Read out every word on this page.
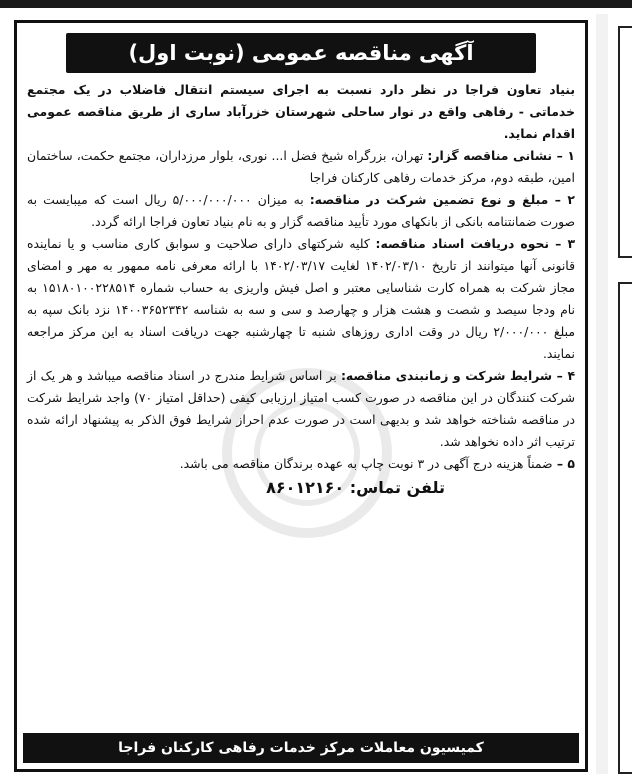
آگهی مناقصه عمومی (نوبت اول)

بنیاد تعاون فراجا در نظر دارد نسبت به اجرای سیستم انتقال فاضلاب در یک مجتمع خدماتی - رفاهی واقع در نوار ساحلی شهرستان خزرآباد ساری از طریق مناقصه عمومی اقدام نماید.

۱ – نشانی مناقصه گزار: تهران، بزرگراه شیخ فضل ا... نوری، بلوار مرزداران، مجتمع حکمت، ساختمان امین، طبقه دوم، مرکز خدمات رفاهی کارکنان فراجا

۲ – مبلغ و نوع تضمین شرکت در مناقصه: به میزان ۵/۰۰۰/۰۰۰/۰۰۰ ریال است که میبایست به صورت ضمانتنامه بانکی از بانکهای مورد تأیید مناقصه گزار و به نام بنیاد تعاون فراجا ارائه گردد.

۳ – نحوه دریافت اسناد مناقصه: کلیه شرکتهای دارای صلاحیت و سوابق کاری مناسب و یا نماینده قانونی آنها میتوانند از تاریخ ۱۴۰۲/۰۳/۱۰ لغایت ۱۴۰۲/۰۳/۱۷ با ارائه معرفی نامه ممهور به مهر و امضای مجاز شرکت به همراه کارت شناسایی معتبر و اصل فیش واریزی به حساب شماره ۱۵۱۸۰۱۰۰۲۲۸۵۱۴ به نام ودجا سیصد و شصت و هشت هزار و چهارصد و سی و سه به شناسه ۱۴۰۰۳۶۵۲۳۴۲ نزد بانک سپه به مبلغ ۲/۰۰۰/۰۰۰ ریال در وقت اداری روزهای شنبه تا چهارشنبه جهت دریافت اسناد به این مرکز مراجعه نمایند.

۴ – شرایط شرکت و زمانبندی مناقصه: بر اساس شرایط مندرج در اسناد مناقصه میباشد و هر یک از شرکت کنندگان در این مناقصه در صورت کسب امتیاز ارزیابی کیفی (حداقل امتیاز ۷۰) واجد شرایط شرکت در مناقصه شناخته خواهد شد و بدیهی است در صورت عدم احراز شرایط فوق الذکر به پیشنهاد ارائه شده ترتیب اثر داده نخواهد شد.

۵ – ضمناً هزینه درج آگهی در ۳ نوبت چاپ به عهده برندگان مناقصه می باشد.

تلفن تماس: ۸۶۰۱۲۱۶۰

کمیسیون معاملات مرکز خدمات رفاهی کارکنان فراجا
